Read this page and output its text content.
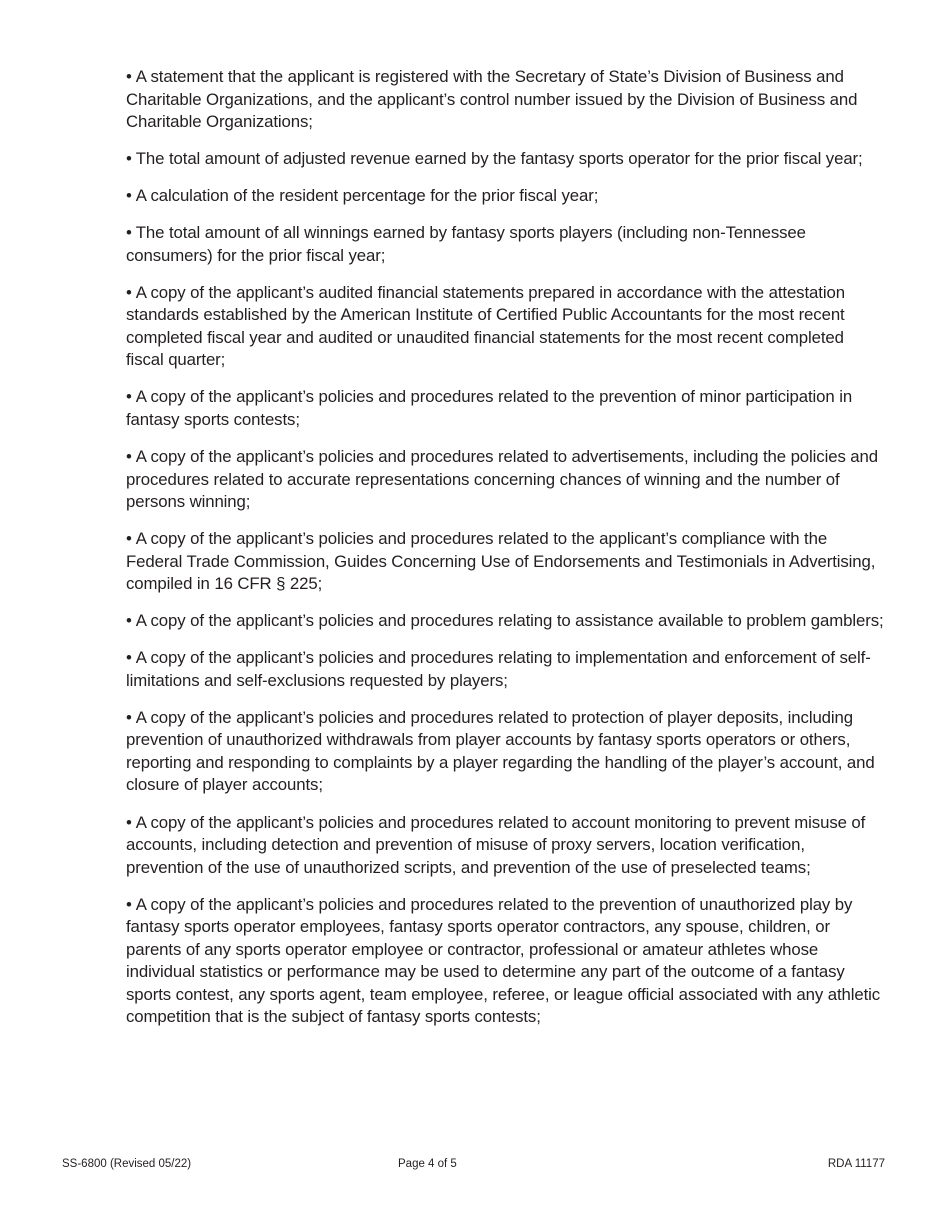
• A statement that the applicant is registered with the Secretary of State’s Division of Business and Charitable Organizations, and the applicant’s control number issued by the Division of Business and Charitable Organizations;

• The total amount of adjusted revenue earned by the fantasy sports operator for the prior fiscal year;

• A calculation of the resident percentage for the prior fiscal year;

• The total amount of all winnings earned by fantasy sports players (including non-Tennessee consumers) for the prior fiscal year;

• A copy of the applicant’s audited financial statements prepared in accordance with the attestation standards established by the American Institute of Certified Public Accountants for the most recent completed fiscal year and audited or unaudited financial statements for the most recent completed fiscal quarter;

• A copy of the applicant’s policies and procedures related to the prevention of minor participation in fantasy sports contests;

• A copy of the applicant’s policies and procedures related to advertisements, including the policies and procedures related to accurate representations concerning chances of winning and the number of persons winning;

• A copy of the applicant’s policies and procedures related to the applicant’s compliance with the Federal Trade Commission, Guides Concerning Use of Endorsements and Testimonials in Advertising, compiled in 16 CFR § 225;

• A copy of the applicant’s policies and procedures relating to assistance available to problem gamblers;

• A copy of the applicant’s policies and procedures relating to implementation and enforcement of self-limitations and self-exclusions requested by players;

• A copy of the applicant’s policies and procedures related to protection of player deposits, including prevention of unauthorized withdrawals from player accounts by fantasy sports operators or others, reporting and responding to complaints by a player regarding the handling of the player’s account, and closure of player accounts;

• A copy of the applicant’s policies and procedures related to account monitoring to prevent misuse of accounts, including detection and prevention of misuse of proxy servers, location verification, prevention of the use of unauthorized scripts, and prevention of the use of preselected teams;

• A copy of the applicant’s policies and procedures related to the prevention of unauthorized play by fantasy sports operator employees, fantasy sports operator contractors, any spouse, children, or parents of any sports operator employee or contractor, professional or amateur athletes whose individual statistics or performance may be used to determine any part of the outcome of a fantasy sports contest, any sports agent, team employee, referee, or league official associated with any athletic competition that is the subject of fantasy sports contests;

SS-6800 (Revised 05/22)	Page 4 of 5	RDA 11177
